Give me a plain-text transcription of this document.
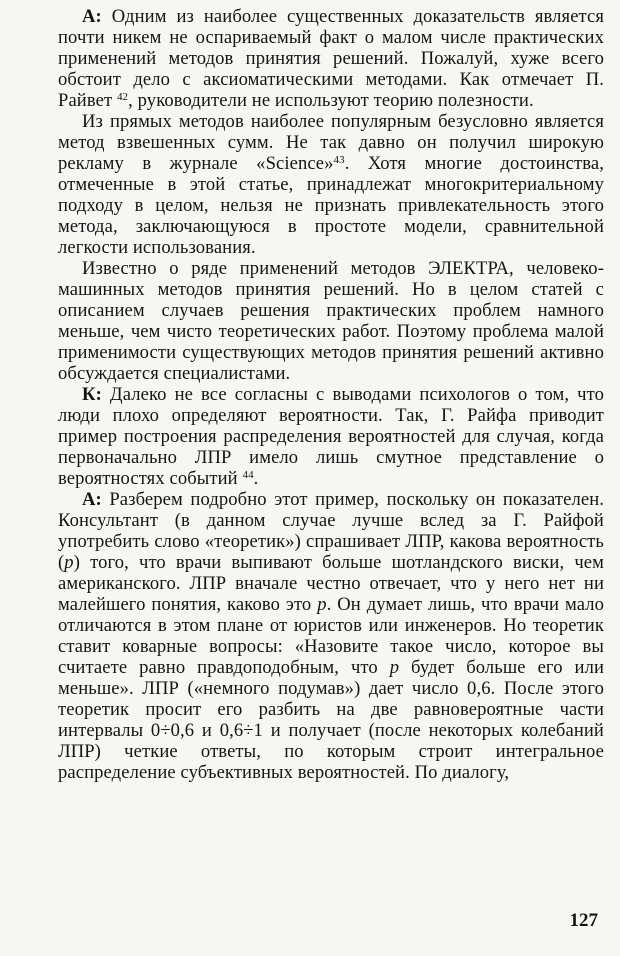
А: Одним из наиболее существенных доказательств является почти никем не оспариваемый факт о малом числе практических применений методов принятия решений. Пожалуй, хуже всего обстоит дело с аксиоматическими методами. Как отмечает П. Райвет $^{42}$, руководители не используют теорию полезности.

Из прямых методов наиболее популярным безусловно является метод взвешенных сумм. Не так давно он получил широкую рекламу в журнале «Science»$^{43}$. Хотя многие достоинства, отмеченные в этой статье, принадлежат многокритериальному подходу в целом, нельзя не признать привлекательность этого метода, заключающуюся в простоте модели, сравнительной легкости использования.

Известно о ряде применений методов ЭЛЕКТРА, человеко-машинных методов принятия решений. Но в целом статей с описанием случаев решения практических проблем намного меньше, чем чисто теоретических работ. Поэтому проблема малой применимости существующих методов принятия решений активно обсуждается специалистами.

К: Далеко не все согласны с выводами психологов о том, что люди плохо определяют вероятности. Так, Г. Райфа приводит пример построения распределения вероятностей для случая, когда первоначально ЛПР имело лишь смутное представление о вероятностях событий $^{44}$.

А: Разберем подробно этот пример, поскольку он показателен. Консультант (в данном случае лучше вслед за Г. Райфой употребить слово «теоретик») спрашивает ЛПР, какова вероятность (p) того, что врачи выпивают больше шотландского виски, чем американского. ЛПР вначале честно отвечает, что у него нет ни малейшего понятия, каково это p. Он думает лишь, что врачи мало отличаются в этом плане от юристов или инженеров. Но теоретик ставит коварные вопросы: «Назовите такое число, которое вы считаете равно правдоподобным, что p будет больше его или меньше». ЛПР («немного подумав») дает число 0,6. После этого теоретик просит его разбить на две равновероятные части интервалы 0÷0,6 и 0,6÷1 и получает (после некоторых колебаний ЛПР) четкие ответы, по которым строит интегральное распределение субъективных вероятностей. По диалогу,

127
